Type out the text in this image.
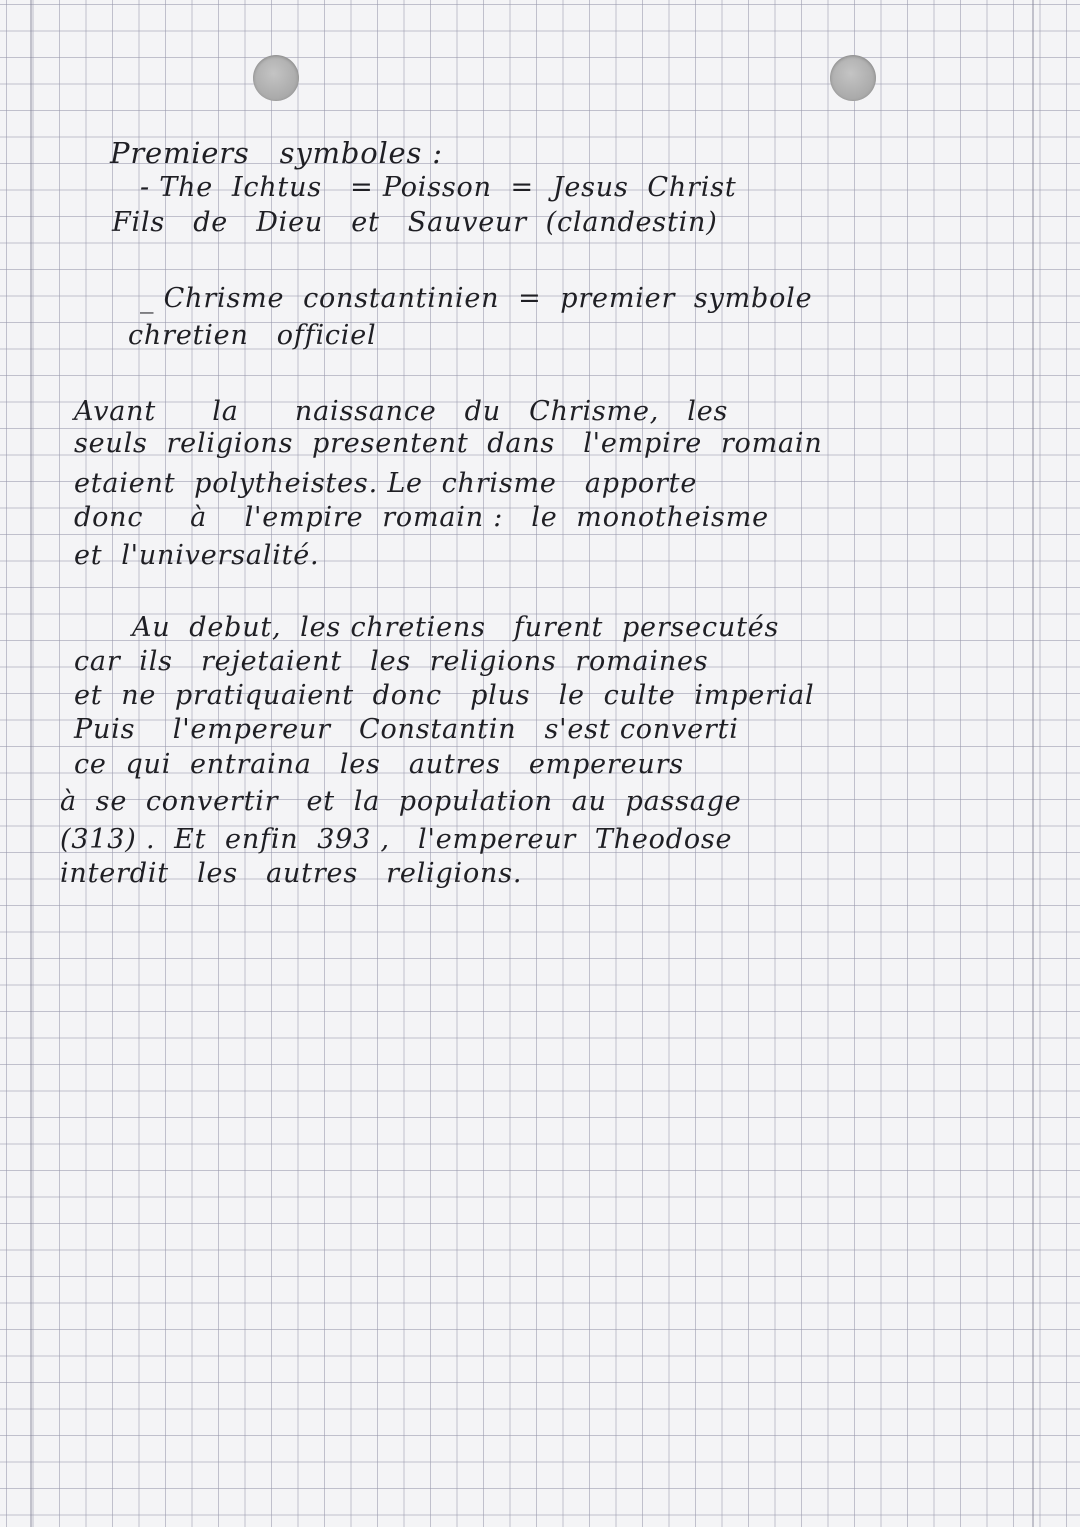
Premiers   symboles :
- The  Ichtus   = Poisson  =  Jesus  Christ
Fils   de   Dieu   et   Sauveur  (clandestin)
_ Chrisme  constantinien  =  premier  symbole
chretien   officiel
Avant      la      naissance   du   Chrisme,   les
seuls  religions  presentent  dans   l'empire  romain
etaient  polytheistes. Le  chrisme   apporte
donc     à    l'empire  romain :   le  monotheisme
et  l'universalité.
Au  debut,  les chretiens   furent  persecutés
car  ils   rejetaient   les  religions  romaines
et  ne  pratiquaient  donc   plus   le  culte  imperial
Puis    l'empereur   Constantin   s'est converti
ce  qui  entraina   les   autres   empereurs
à  se  convertir   et  la  population  au  passage
(313) .  Et  enfin  393 ,   l'empereur  Theodose
interdit   les   autres   religions.
